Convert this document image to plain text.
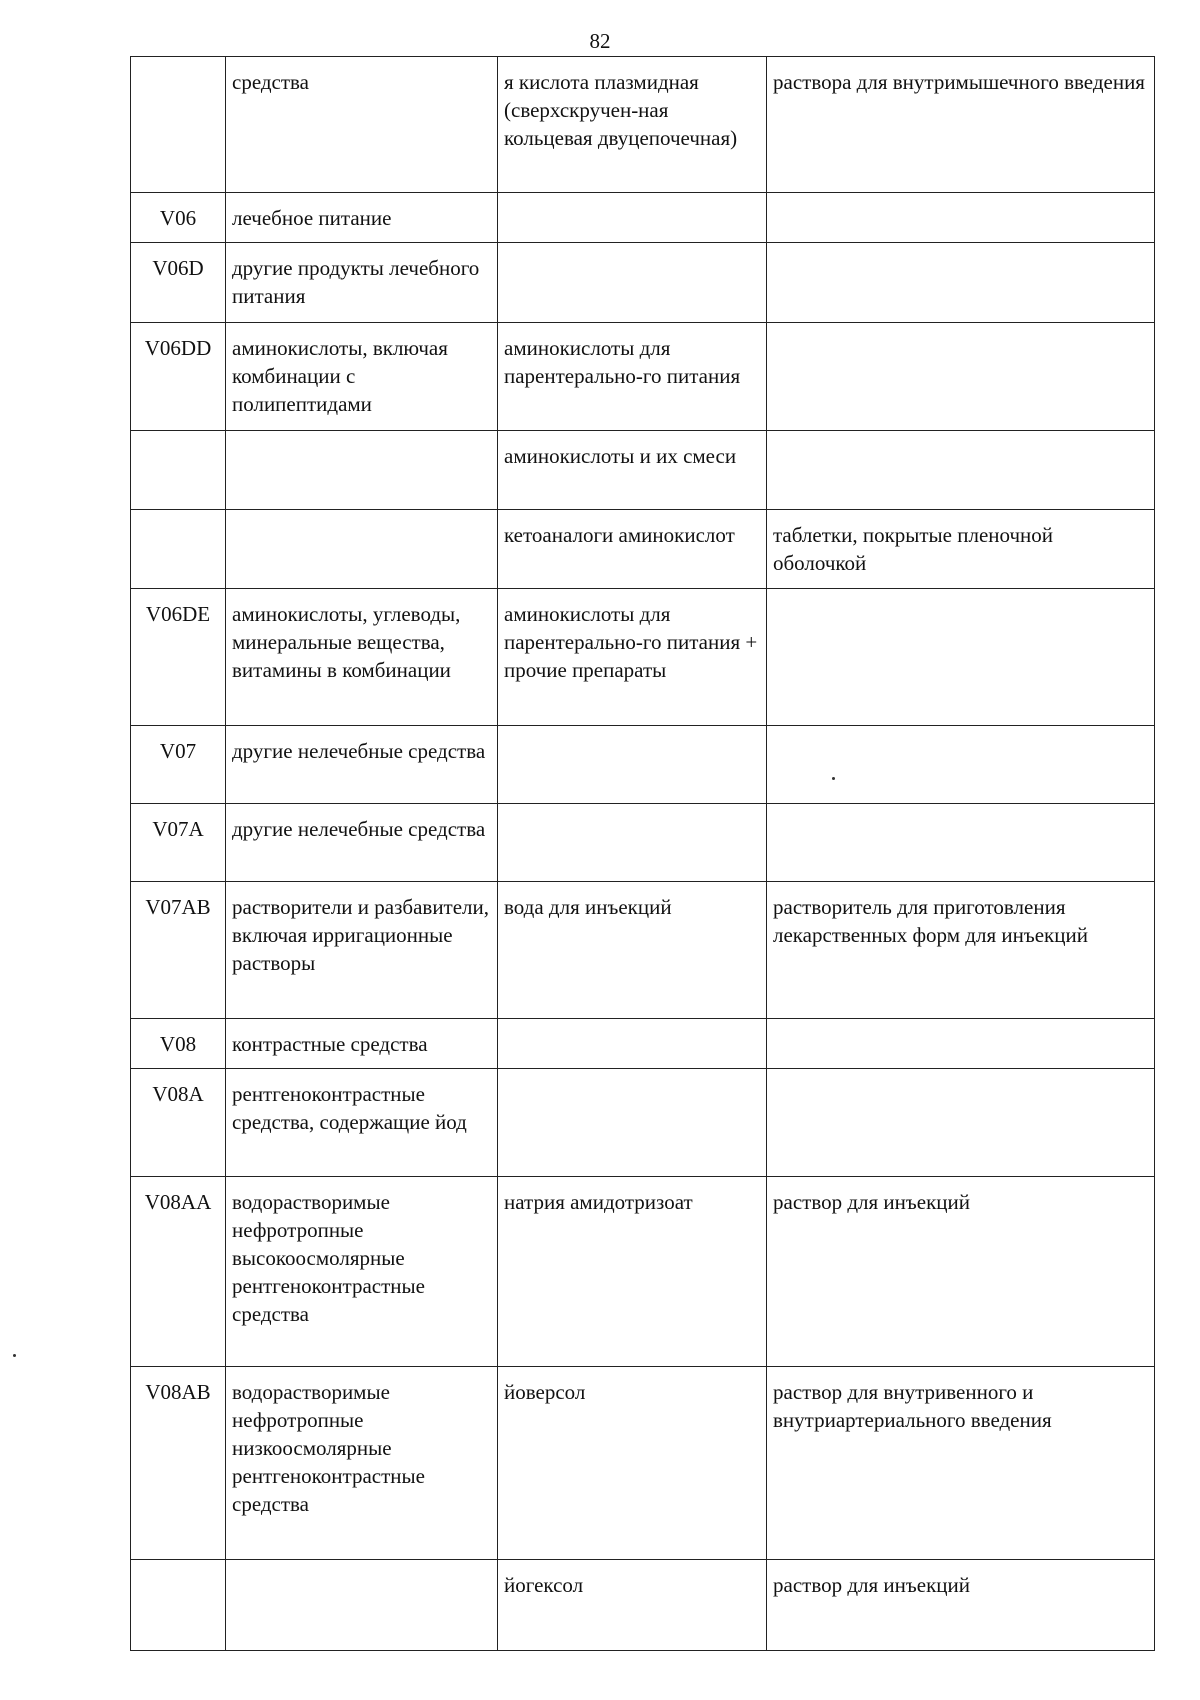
82
	средства	я кислота плазмидная (сверхскручен-ная кольцевая двуцепочечная)	раствора для внутримышечного введения
V06	лечебное питание		
V06D	другие продукты лечебного питания		
V06DD	аминокислоты, включая комбинации с полипептидами	аминокислоты для парентерально-го питания	
		аминокислоты и их смеси	
		кетоаналоги аминокислот	таблетки, покрытые пленочной оболочкой
V06DE	аминокислоты, углеводы, минеральные вещества, витамины в комбинации	аминокислоты для парентерально-го питания + прочие препараты	
V07	другие нелечебные средства		
V07A	другие нелечебные средства		
V07AB	растворители и разбавители, включая ирригационные растворы	вода для инъекций	растворитель для приготовления лекарственных форм для инъекций
V08	контрастные средства		
V08A	рентгеноконтрастные средства, содержащие йод		
V08AA	водорастворимые нефротропные высокоосмолярные рентгеноконтрастные средства	натрия амидотризоат	раствор для инъекций
V08AB	водорастворимые нефротропные низкоосмолярные рентгеноконтрастные средства	йоверсол	раствор для внутривенного и внутриартериального введения
		йогексол	раствор для инъекций
